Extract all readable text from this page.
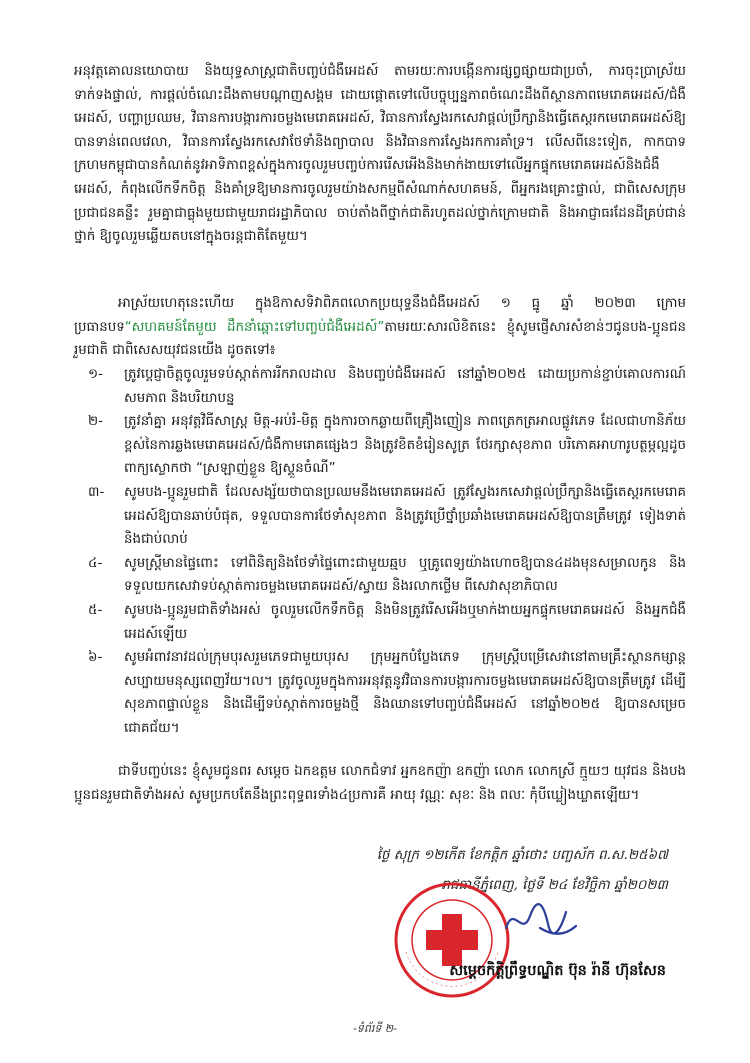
អនុវត្តគោលនយោបាយ និងយុទ្ធសាស្ត្រជាតិបញ្ចប់ជំងឺអេដស៍ តាមរយៈការបង្កើនការផ្សព្វផ្សាយជាប្រចាំ, ការចុះប្រាស្រ័យទាក់ទងផ្ទាល់, ការផ្តល់ចំណេះដឹងតាមបណ្តាញសង្គម ដោយផ្តោតទៅលើបច្ចុប្បន្នភាពចំណេះដឹងពីស្ថានភាពមេរោគអេដស៍/ជំងឺអេដស៍, បញ្ហាប្រឈម, វិធានការបង្ការការចម្លងមេរោគអេដស៍, វិធានការស្វែងរកសេវាផ្តល់ប្រឹក្សានិងធ្វើតេស្តរកមេរោគអេដស៍ឱ្យបានទាន់ពេលវេលា, វិធានការស្វែងរកសេវាថែទាំនិងព្យាបាល និងវិធានការស្វែងរកការគាំទ្រ។ លើសពីនេះទៀត, កាកបាទក្រហមកម្ពុជាបានកំណត់នូវអាទិភាពខ្ពស់ក្នុងការចូលរួមបញ្ចប់ការរើសអើងនិងមាក់ងាយទៅលើអ្នកផ្ទុកមេរោគអេដស៍និងជំងឺអេដស៍, កំពុងលើកទឹកចិត្ត និងគាំទ្រឱ្យមានការចូលរួមយ៉ាងសកម្មពីសំណាក់សហគមន៍, ពីអ្នករងគ្រោះផ្ទាល់, ជាពិសេសក្រុមប្រជាជនគន្លឹះ រួមគ្នាជាធ្លុងមួយជាមួយរាជរដ្ឋាភិបាល ចាប់តាំងពីថ្នាក់ជាតិរហូតដល់ថ្នាក់ក្រោមជាតិ និងអាជ្ញាធរដែនដីគ្រប់ជាន់ថ្នាក់ ឱ្យចូលរួមឆ្លើយតបនៅក្នុងចរន្តជាតិតែមួយ។

អាស្រ័យហេតុនេះហើយ ក្នុងឱកាសទិវាពិភពលោកប្រយុទ្ធនឹងជំងឺអេដស៍ ១ ធ្នូ ឆ្នាំ ២០២៣ ក្រោមប្រធានបទ“សហគមន៍តែមួយ ដឹកនាំឆ្ពោះទៅបញ្ចប់ជំងឺអេដស៍”តាមរយៈសារលិខិតនេះ ខ្ញុំសូមផ្ញើសារសំខាន់ៗជូនបង-ប្អូនជនរួមជាតិ ជាពិសេសយុវជនយើង ដូចតទៅ៖

១- ត្រូវប្តេជ្ញាចិត្តចូលរួមទប់ស្កាត់ការរីករាលដាល និងបញ្ចប់ជំងឺអេដស៍ នៅឆ្នាំ២០២៥ ដោយប្រកាន់ខ្ជាប់គោលការណ៍សមភាព និងបរិយាបន្ន
២- ត្រូវនាំគ្នា អនុវត្តវិធីសាស្ត្រ មិត្ត-អប់រំ-មិត្ត ក្នុងការចាកឆ្ងាយពីគ្រឿងញៀន ភាពត្រេកត្រអាលផ្លូវភេទ ដែលជាហានិភ័យខ្ពស់នៃការឆ្លងមេរោគអេដស៍/ជំងឺកាមរោគផ្សេងៗ និងត្រូវខិតខំរៀនសូត្រ ថែរក្សាសុខភាព បរិភោគអាហារូបត្ថម្ភល្អដូចពាក្យស្លោកថា “ស្រឡាញ់ខ្លួន ឱ្យស្គួនចំណី”
៣- សូមបង-ប្អូនរួមជាតិ ដែលសង្ស័យថាបានប្រឈមនឹងមេរោគអេដស៍ ត្រូវស្វែងរកសេវាផ្តល់ប្រឹក្សានិងធ្វើតេស្តរកមេរោគអេដស៍ឱ្យបានឆាប់បំផុត, ទទួលបានការថែទាំសុខភាព និងត្រូវប្រើថ្នាំប្រឆាំងមេរោគអេដស៍ឱ្យបានត្រឹមត្រូវ ទៀងទាត់ និងជាប់លាប់
៤- សូមស្ត្រីមានផ្ទៃពោះ ទៅពិនិត្យនិងថែទាំផ្ទៃពោះជាមួយឆ្មប ឬគ្រូពេទ្យយ៉ាងហោចឱ្យបាន៤ដងមុនសម្រាលកូន និងទទួលយកសេវាទប់ស្កាត់ការចម្លងមេរោគអេដស៍/ស្វាយ និងរលាកថ្លើម ពីសេវាសុខាភិបាល
៥- សូមបង-ប្អូនរួមជាតិទាំងអស់ ចូលរួមលើកទឹកចិត្ត និងមិនត្រូវរើសអើងឬមាក់ងាយអ្នកផ្ទុកមេរោគអេដស៍ និងអ្នកជំងឺអេដស៍ឡើយ
៦- សូមអំពាវនាវដល់ក្រុមបុរសរួមភេទជាមួយបុរស ក្រុមអ្នកបំប្លែងភេទ ក្រុមស្ត្រីបម្រើសេវានៅតាមគ្រឹះស្ថានកម្សាន្តសប្បាយមនុស្សពេញវ័យ។ល។ ត្រូវចូលរួមក្នុងការអនុវត្តនូវវិធានការបង្ការការចម្លងមេរោគអេដស៍ឱ្យបានត្រឹមត្រូវ ដើម្បីសុខភាពផ្ទាល់ខ្លួន និងដើម្បីទប់ស្កាត់ការចម្លងថ្មី និងឈានទៅបញ្ចប់ជំងឺអេដស៍ នៅឆ្នាំ២០២៥ ឱ្យបានសម្រេចជោគជ័យ។

ជាទីបញ្ចប់នេះ ខ្ញុំសូមជូនពរ សម្តេច ឯកឧត្តម លោកជំទាវ អ្នកឧកញ៉ា ឧកញ៉ា លោក លោកស្រី ក្មួយៗ យុវជន និងបងប្អូនជនរួមជាតិទាំងអស់ សូមប្រកបតែនឹងព្រះពុទ្ធពរទាំង៤ប្រការគឺ អាយុ វណ្ណៈ សុខៈ និង ពលៈ កុំបីឃ្លៀងឃ្លាតឡើយ។

ថ្ងៃ សុក្រ ១២កើត ខែកត្តិក ឆ្នាំថោះ បញ្ចស័ក ព.ស.២៥៦៧
រាជធានីភ្នំពេញ, ថ្ងៃទី ២៤ ខែវិច្ឆិកា ឆ្នាំ២០២៣
សម្តេចកិត្តិព្រឹទ្ធបណ្ឌិត ប៊ុន រ៉ានី ហ៊ុនសែន
-ទំព័រទី ២-
